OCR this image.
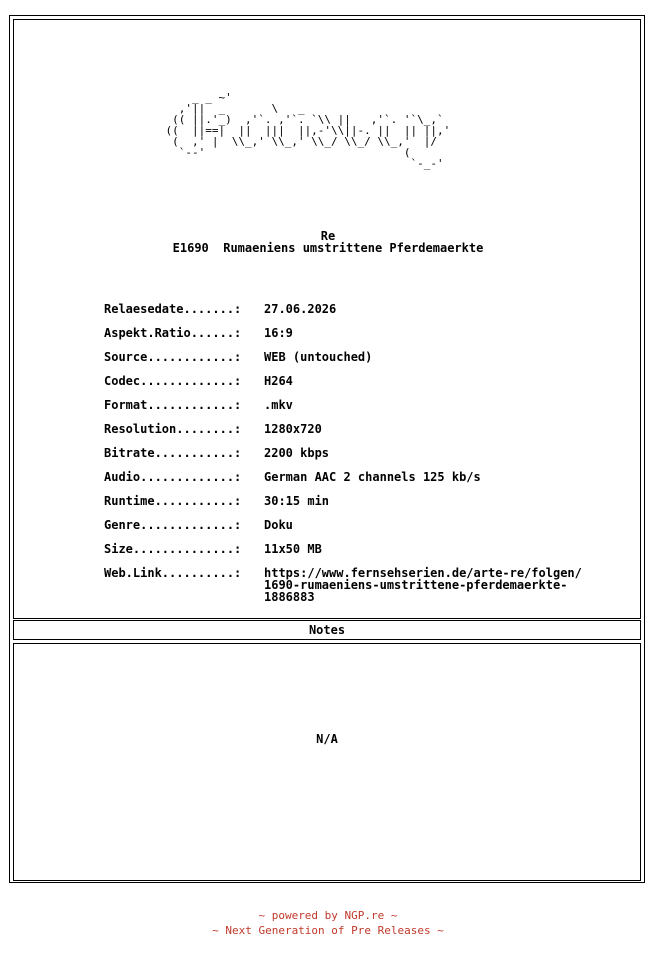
_ _ ~'
,'||  _       \   _
(( ||.'_)  ,'`. ,'`. `\\ ||   ,'`. '`\_,`
((  ||==|  ||  |||  ||,-'\\||-. ||  || ||,'
(  ,' |  \\_,' \\_,' \\_/ \\_/ \\_,'  |/
`--'                              (
`-_-'
Re
E1690  Rumaeniens umstrittene Pferdemaerkte
Relaesedate.......:	27.06.2026
Aspekt.Ratio......:	16:9
Source............:	WEB (untouched)
Codec.............:	H264
Format............:	.mkv
Resolution........:	1280x720
Bitrate...........:	2200 kbps
Audio.............:	German AAC 2 channels 125 kb/s
Runtime...........:	30:15 min
Genre.............:	Doku
Size..............:	11x50 MB
Web.Link..........:	https://www.fernsehserien.de/arte-re/folgen/
1690-rumaeniens-umstrittene-pferdemaerkte-
1886883
Notes
N/A
~ powered by NGP.re ~
~ Next Generation of Pre Releases ~
